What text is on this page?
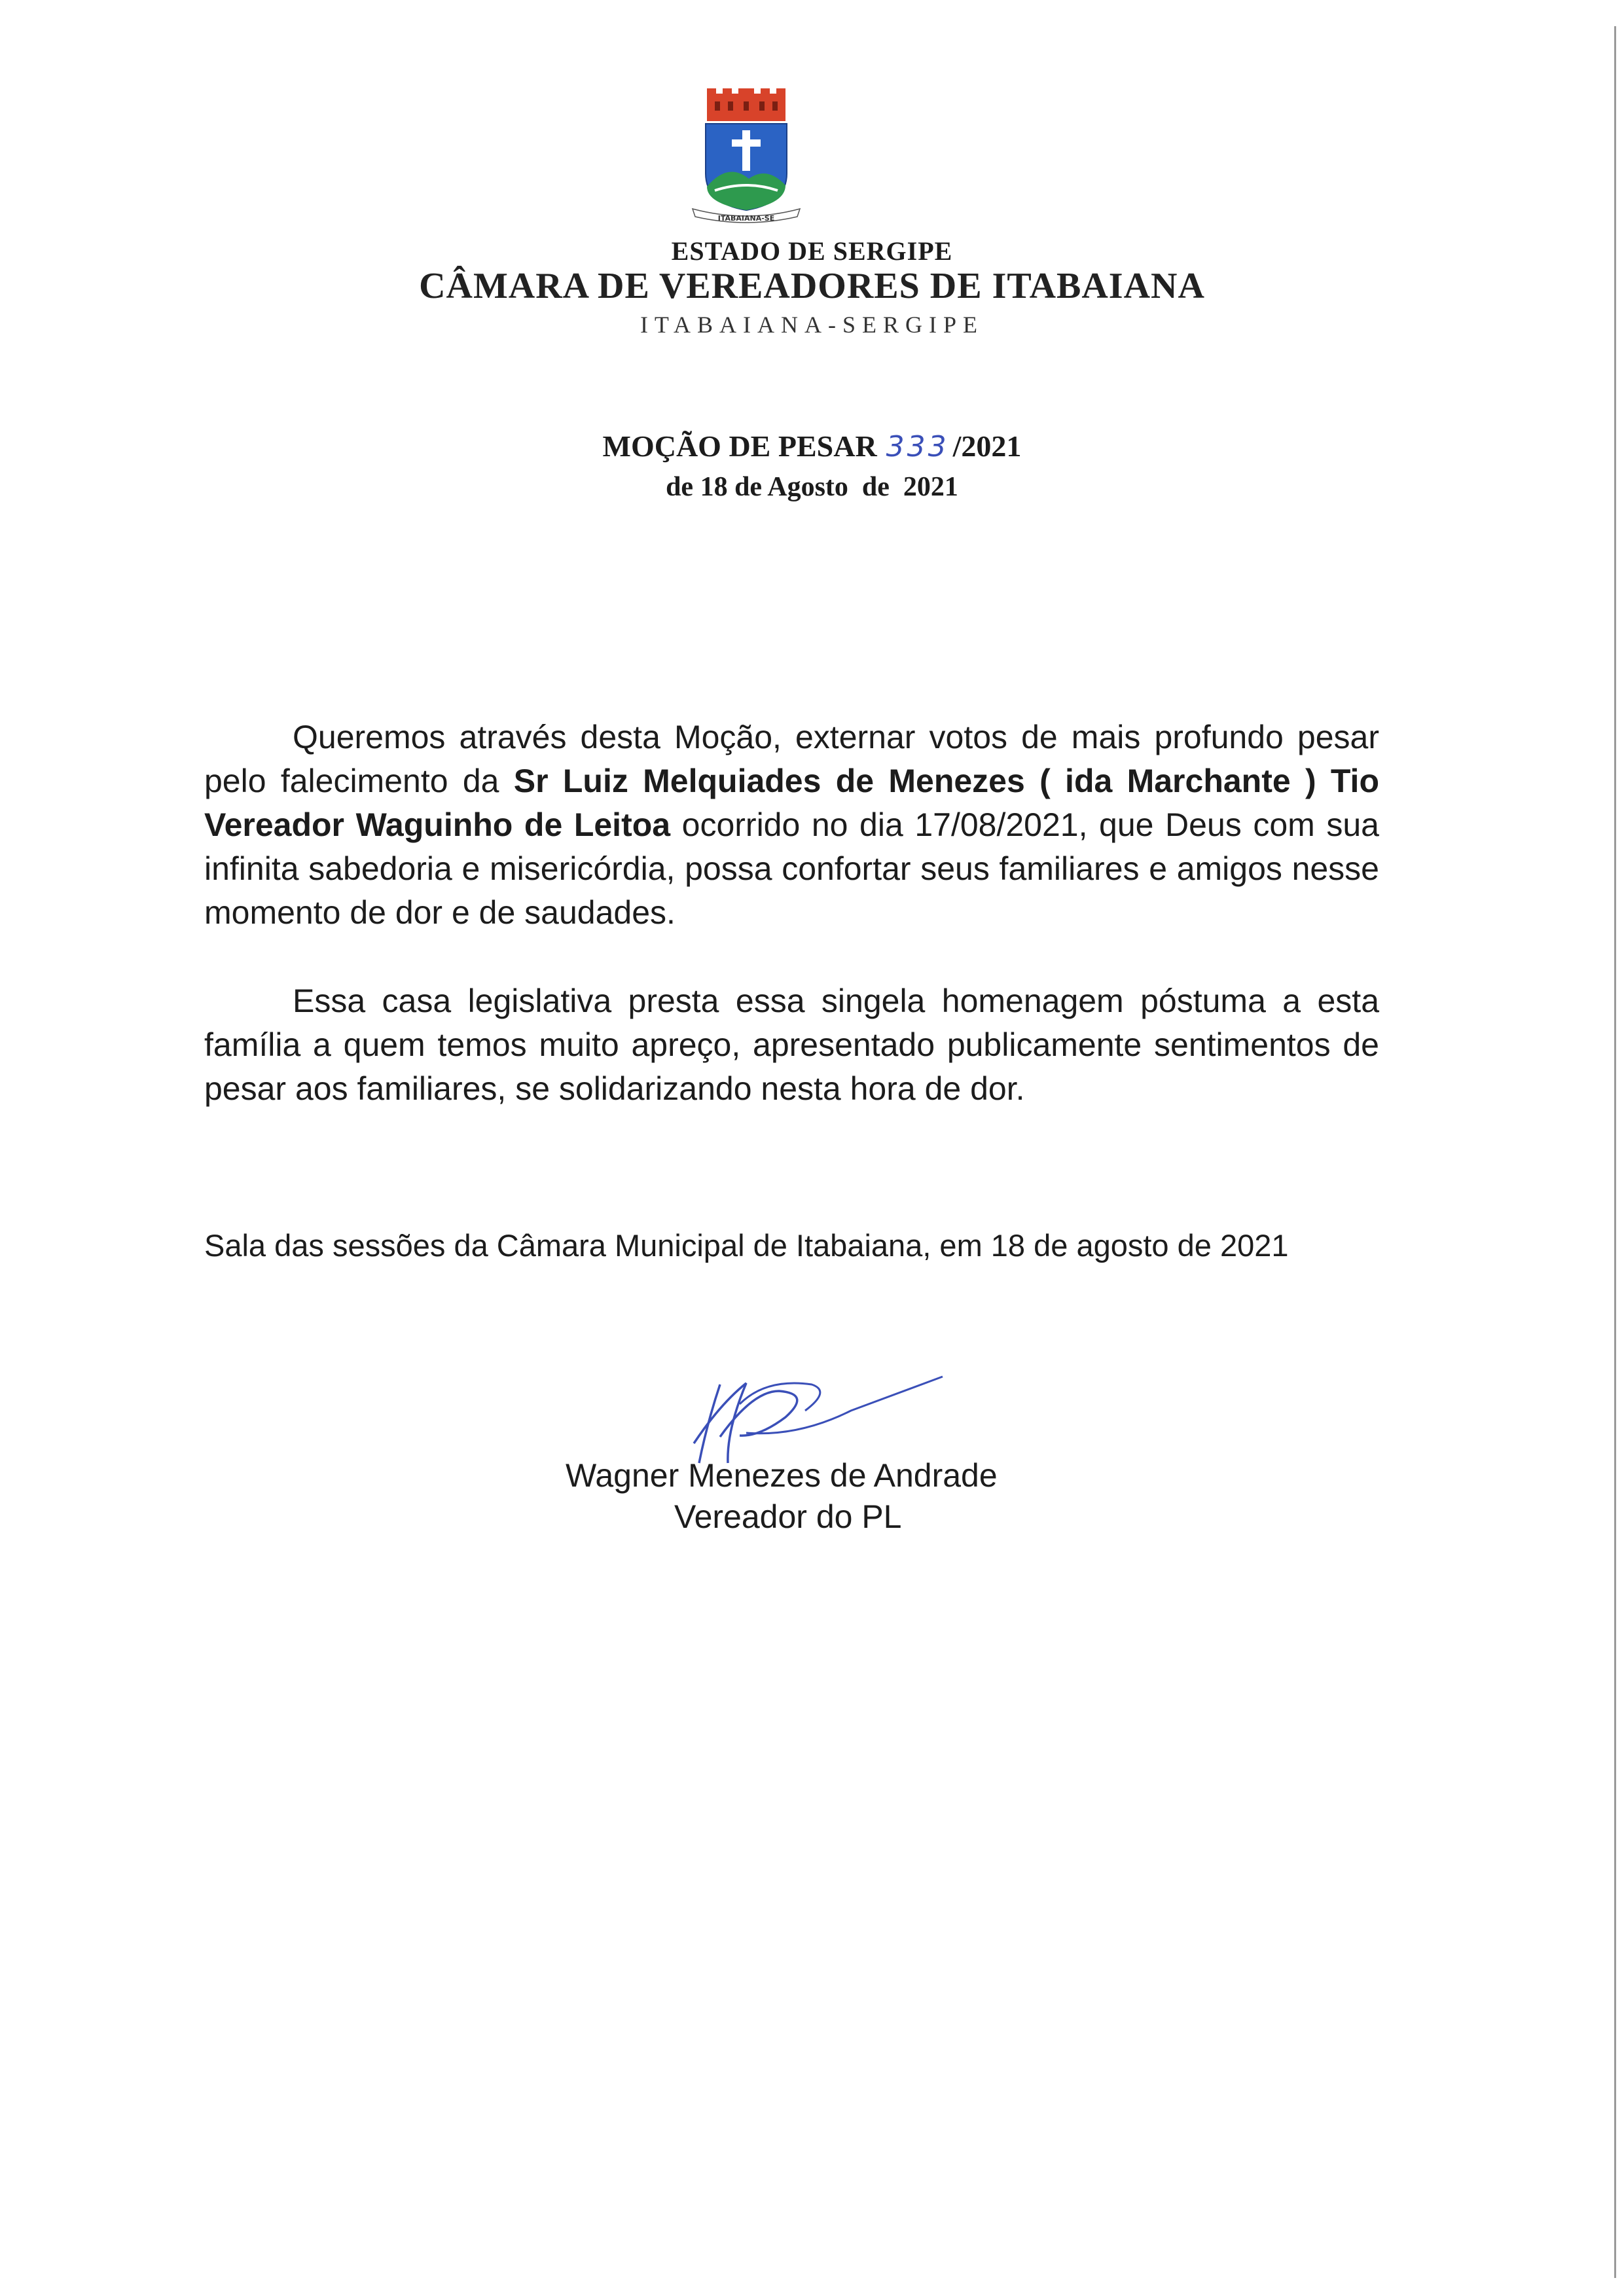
ITABAIANA-SE
ESTADO DE SERGIPE
CÂMARA DE VEREADORES DE ITABAIANA
ITABAIANA-SERGIPE
MOÇÃO DE PESAR 333 /2021
de 18 de Agosto  de  2021
Queremos através desta Moção, externar votos de mais profundo pesar pelo falecimento da Sr Luiz Melquiades de Menezes ( ida Marchante ) Tio Vereador Waguinho de Leitoa ocorrido no dia 17/08/2021, que Deus com sua infinita sabedoria e misericórdia, possa confortar seus familiares e amigos nesse momento de dor e de saudades.
Essa casa legislativa presta essa singela homenagem póstuma a esta família a quem temos muito apreço, apresentado publicamente sentimentos de pesar aos familiares, se solidarizando nesta hora de dor.
Sala das sessões da Câmara Municipal de Itabaiana, em 18 de agosto de 2021
Wagner Menezes de Andrade
Vereador do PL
